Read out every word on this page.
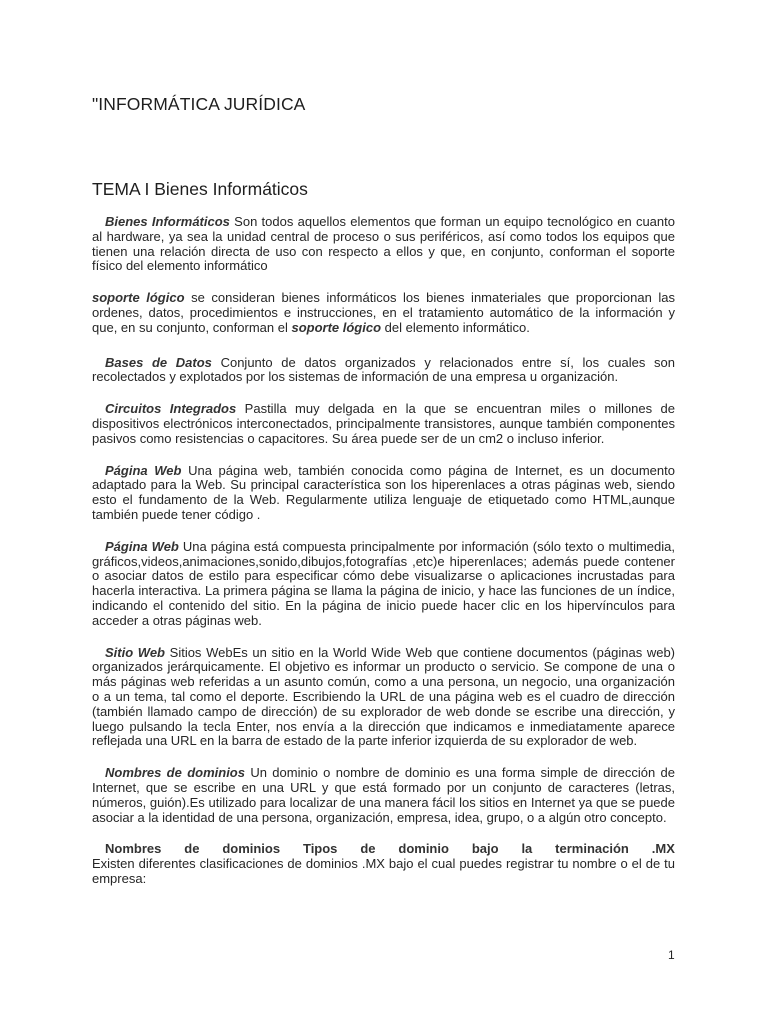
"INFORMÁTICA JURÍDICA
TEMA I Bienes Informáticos

Bienes Informáticos Son todos aquellos elementos que forman un equipo tecnológico en cuanto al hardware, ya sea la unidad central de proceso o sus periféricos, así como todos los equipos que tienen una relación directa de uso con respecto a ellos y que, en conjunto, conforman el soporte físico del elemento informático

soporte lógico se consideran bienes informáticos los bienes inmateriales que proporcionan las ordenes, datos, procedimientos e instrucciones, en el tratamiento automático de la información y que, en su conjunto, conforman el soporte lógico del elemento informático.

Bases de Datos Conjunto de datos organizados y relacionados entre sí, los cuales son recolectados y explotados por los sistemas de información de una empresa u organización.

Circuitos Integrados Pastilla muy delgada en la que se encuentran miles o millones de dispositivos electrónicos interconectados, principalmente transistores, aunque también componentes pasivos como resistencias o capacitores. Su área puede ser de un cm2 o incluso inferior.

Página Web Una página web, también conocida como página de Internet, es un documento adaptado para la Web. Su principal característica son los hiperenlaces a otras páginas web, siendo esto el fundamento de la Web. Regularmente utiliza lenguaje de etiquetado como HTML,aunque también puede tener código .

Página Web Una página está compuesta principalmente por información (sólo texto o multimedia, gráficos,videos,animaciones,sonido,dibujos,fotografías ,etc)e hiperenlaces; además puede contener o asociar datos de estilo para especificar cómo debe visualizarse o aplicaciones incrustadas para hacerla interactiva. La primera página se llama la página de inicio, y hace las funciones de un índice, indicando el contenido del sitio. En la página de inicio puede hacer clic en los hipervínculos para acceder a otras páginas web.

Sitio Web Sitios WebEs un sitio en la World Wide Web que contiene documentos (páginas web) organizados jerárquicamente. El objetivo es informar un producto o servicio. Se compone de una o más páginas web referidas a un asunto común, como a una persona, un negocio, una organización o a un tema, tal como el deporte. Escribiendo la URL de una página web es el cuadro de dirección (también llamado campo de dirección) de su explorador de web donde se escribe una dirección, y luego pulsando la tecla Enter, nos envía a la dirección que indicamos e inmediatamente aparece reflejada una URL en la barra de estado de la parte inferior izquierda de su explorador de web.

Nombres de dominios Un dominio o nombre de dominio es una forma simple de dirección de Internet, que se escribe en una URL y que está formado por un conjunto de caracteres (letras, números, guión).Es utilizado para localizar de una manera fácil los sitios en Internet ya que se puede asociar a la identidad de una persona, organización, empresa, idea, grupo, o a algún otro concepto.

Nombres de dominios Tipos de dominio bajo la terminación .MX
Existen diferentes clasificaciones de dominios .MX bajo el cual puedes registrar tu nombre o el de tu empresa:
1
